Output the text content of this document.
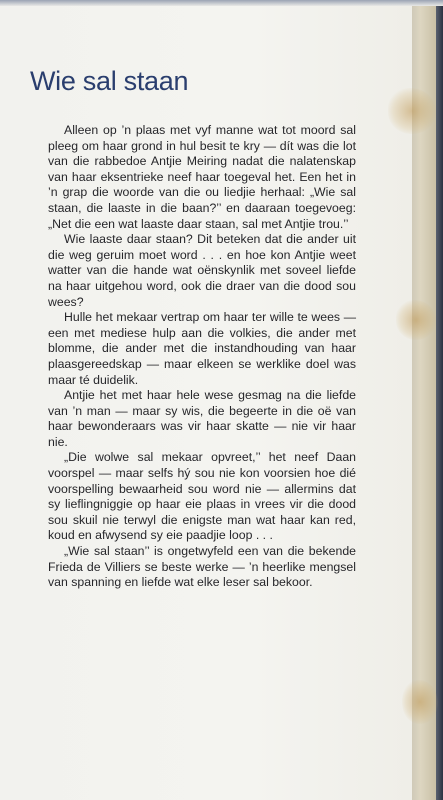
Wie sal staan

Alleen op ’n plaas met vyf manne wat tot moord sal pleeg om haar grond in hul besit te kry — dít was die lot van die rabbedoe Antjie Meiring nadat die nalatenskap van haar eksentrieke neef haar toegeval het. Een het in ’n grap die woorde van die ou liedjie herhaal: „Wie sal staan, die laaste in die baan?’’ en daaraan toegevoeg: „Net die een wat laaste daar staan, sal met Antjie trou.’’

Wie laaste daar staan? Dit beteken dat die ander uit die weg geruim moet word . . . en hoe kon Antjie weet watter van die hande wat oënskynlik met soveel liefde na haar uitgehou word, ook die draer van die dood sou wees?

Hulle het mekaar vertrap om haar ter wille te wees — een met mediese hulp aan die volkies, die ander met blomme, die ander met die instandhouding van haar plaasgereedskap — maar elkeen se werklike doel was maar té duidelik.

Antjie het met haar hele wese gesmag na die liefde van ’n man — maar sy wis, die begeerte in die oë van haar bewonderaars was vir haar skatte — nie vir haar nie.

„Die wolwe sal mekaar opvreet,’’ het neef Daan voorspel — maar selfs hý sou nie kon voorsien hoe dié voorspelling bewaarheid sou word nie — allermins dat sy lieflingniggie op haar eie plaas in vrees vir die dood sou skuil nie terwyl die enigste man wat haar kan red, koud en afwysend sy eie paadjie loop . . .

„Wie sal staan’’ is ongetwyfeld een van die bekende Frieda de Villiers se beste werke — ’n heerlike mengsel van spanning en liefde wat elke leser sal bekoor.
